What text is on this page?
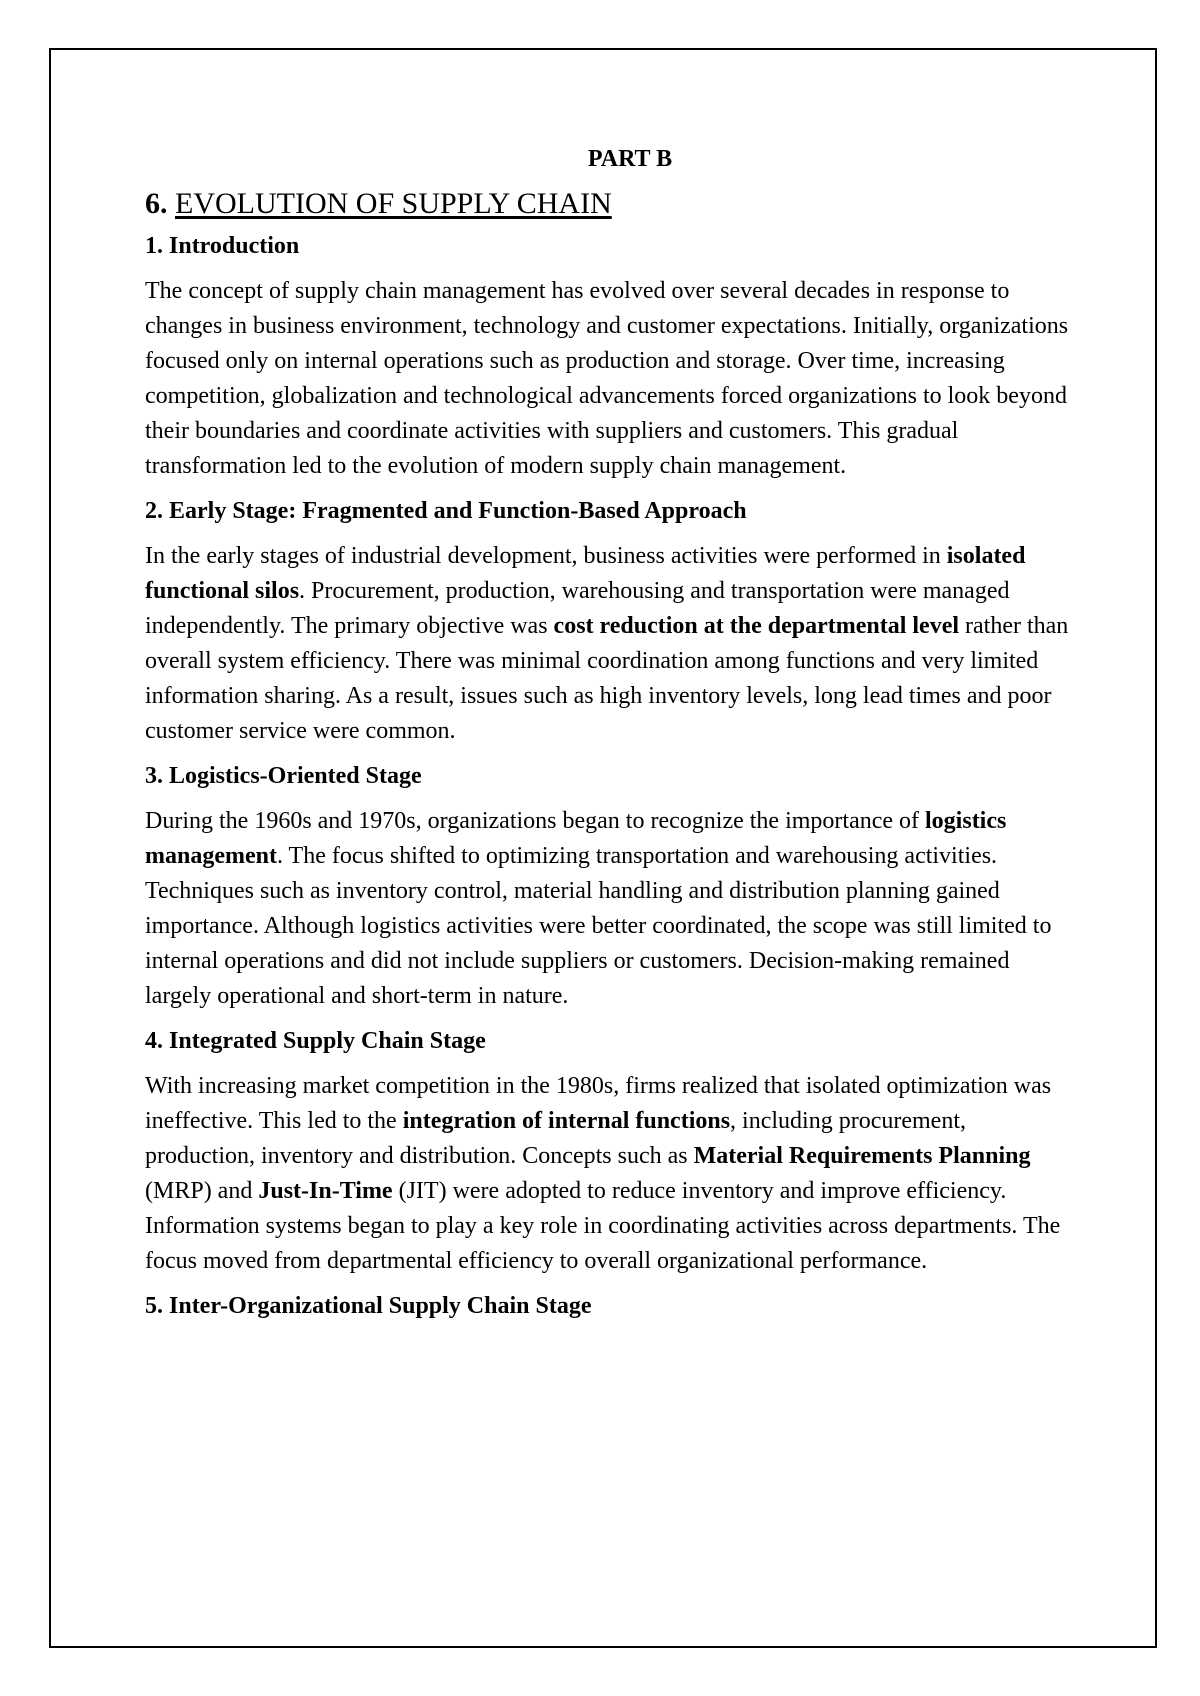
PART B
6. EVOLUTION OF SUPPLY CHAIN
1. Introduction
The concept of supply chain management has evolved over several decades in response to changes in business environment, technology and customer expectations. Initially, organizations focused only on internal operations such as production and storage. Over time, increasing competition, globalization and technological advancements forced organizations to look beyond their boundaries and coordinate activities with suppliers and customers. This gradual transformation led to the evolution of modern supply chain management.
2. Early Stage: Fragmented and Function-Based Approach
In the early stages of industrial development, business activities were performed in isolated functional silos. Procurement, production, warehousing and transportation were managed independently. The primary objective was cost reduction at the departmental level rather than overall system efficiency. There was minimal coordination among functions and very limited information sharing. As a result, issues such as high inventory levels, long lead times and poor customer service were common.
3. Logistics-Oriented Stage
During the 1960s and 1970s, organizations began to recognize the importance of logistics management. The focus shifted to optimizing transportation and warehousing activities. Techniques such as inventory control, material handling and distribution planning gained importance. Although logistics activities were better coordinated, the scope was still limited to internal operations and did not include suppliers or customers. Decision-making remained largely operational and short-term in nature.
4. Integrated Supply Chain Stage
With increasing market competition in the 1980s, firms realized that isolated optimization was ineffective. This led to the integration of internal functions, including procurement, production, inventory and distribution. Concepts such as Material Requirements Planning (MRP) and Just-In-Time (JIT) were adopted to reduce inventory and improve efficiency. Information systems began to play a key role in coordinating activities across departments. The focus moved from departmental efficiency to overall organizational performance.
5. Inter-Organizational Supply Chain Stage
